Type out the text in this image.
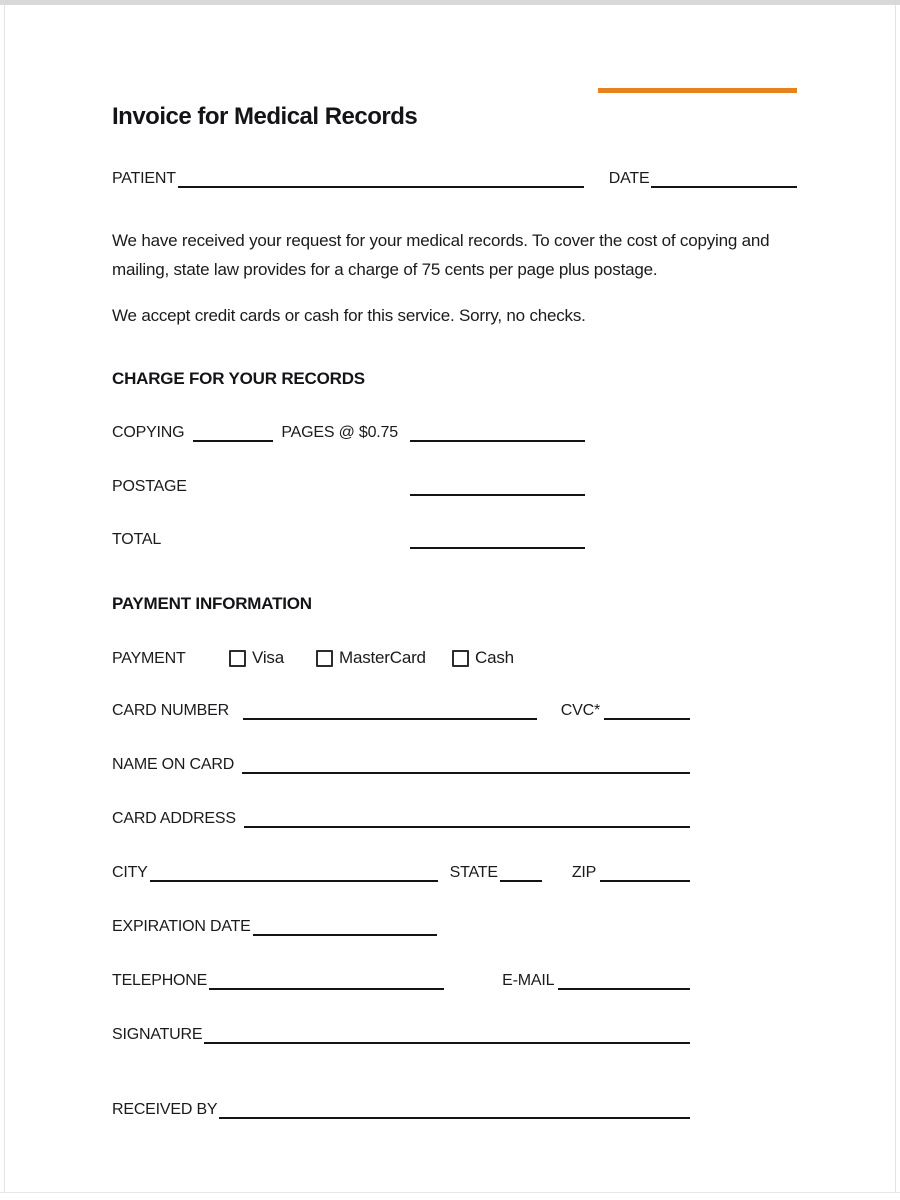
Invoice for Medical Records
PATIENT	DATE

We have received your request for your medical records. To cover the cost of copying and mailing, state law provides for a charge of 75 cents per page plus postage.

We accept credit cards or cash for this service. Sorry, no checks.

CHARGE FOR YOUR RECORDS
COPYING	PAGES @ $0.75
POSTAGE
TOTAL
PAYMENT INFORMATION
PAYMENT	Visa	MasterCard	Cash
CARD NUMBER	CVC*
NAME ON CARD
CARD ADDRESS
CITY	STATE	ZIP
EXPIRATION DATE
TELEPHONE	E-MAIL
SIGNATURE
RECEIVED BY
